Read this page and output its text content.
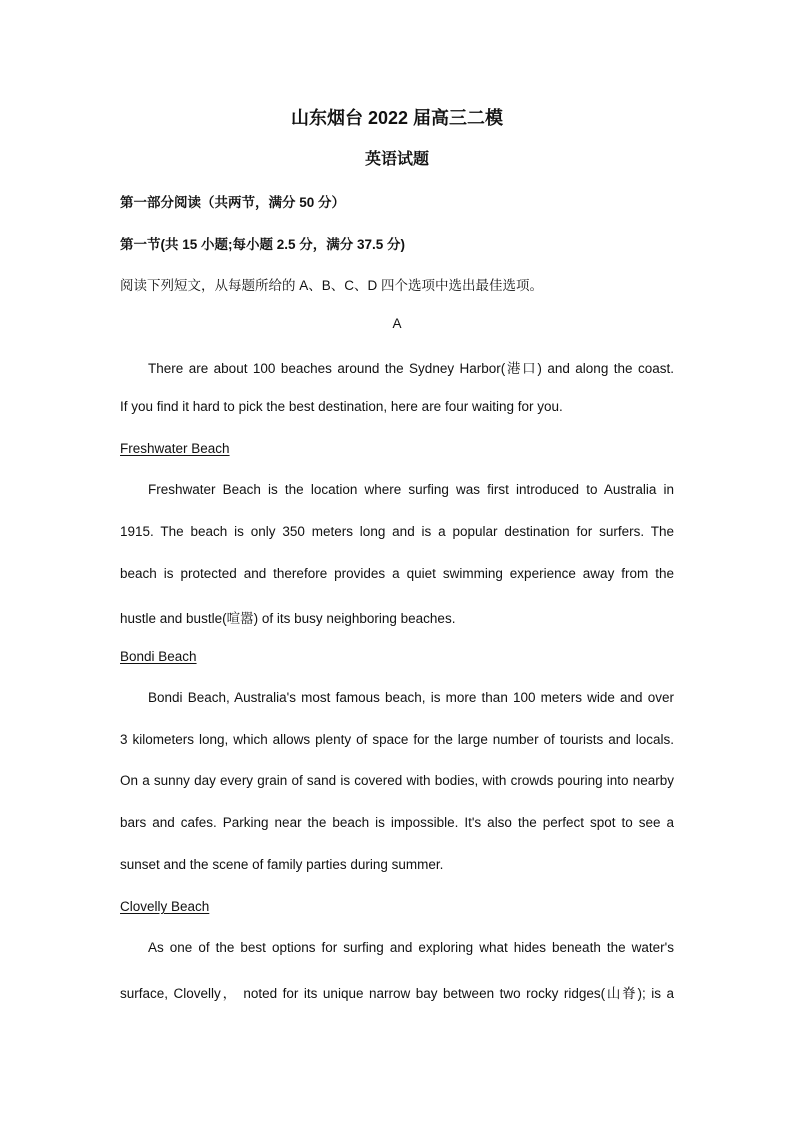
山东烟台 2022 届高三二模
英语试题
第一部分阅读（共两节，满分 50 分）
第一节(共 15 小题;每小题 2.5 分，满分 37.5 分)
阅读下列短文，从每题所给的 A、B、C、D 四个选项中选出最佳选项。
A
There are about 100 beaches around the Sydney Harbor(港口) and along the coast.
If you find it hard to pick the best destination, here are four waiting for you.
Freshwater Beach
Freshwater Beach is the location where surfing was first introduced to Australia in
1915. The beach is only 350 meters long and is a popular destination for surfers. The
beach is protected and therefore provides a quiet swimming experience away from the
hustle and bustle(喧嚣) of its busy neighboring beaches.
Bondi Beach
Bondi Beach, Australia's most famous beach, is more than 100 meters wide and over
3 kilometers long, which allows plenty of space for the large number of tourists and locals.
On a sunny day every grain of sand is covered with bodies, with crowds pouring into nearby
bars and cafes. Parking near the beach is impossible. It's also the perfect spot to see a
sunset and the scene of family parties during summer.
Clovelly Beach
As one of the best options for surfing and exploring what hides beneath the water's
surface, Clovelly， noted for its unique narrow bay between two rocky ridges(山脊); is a
